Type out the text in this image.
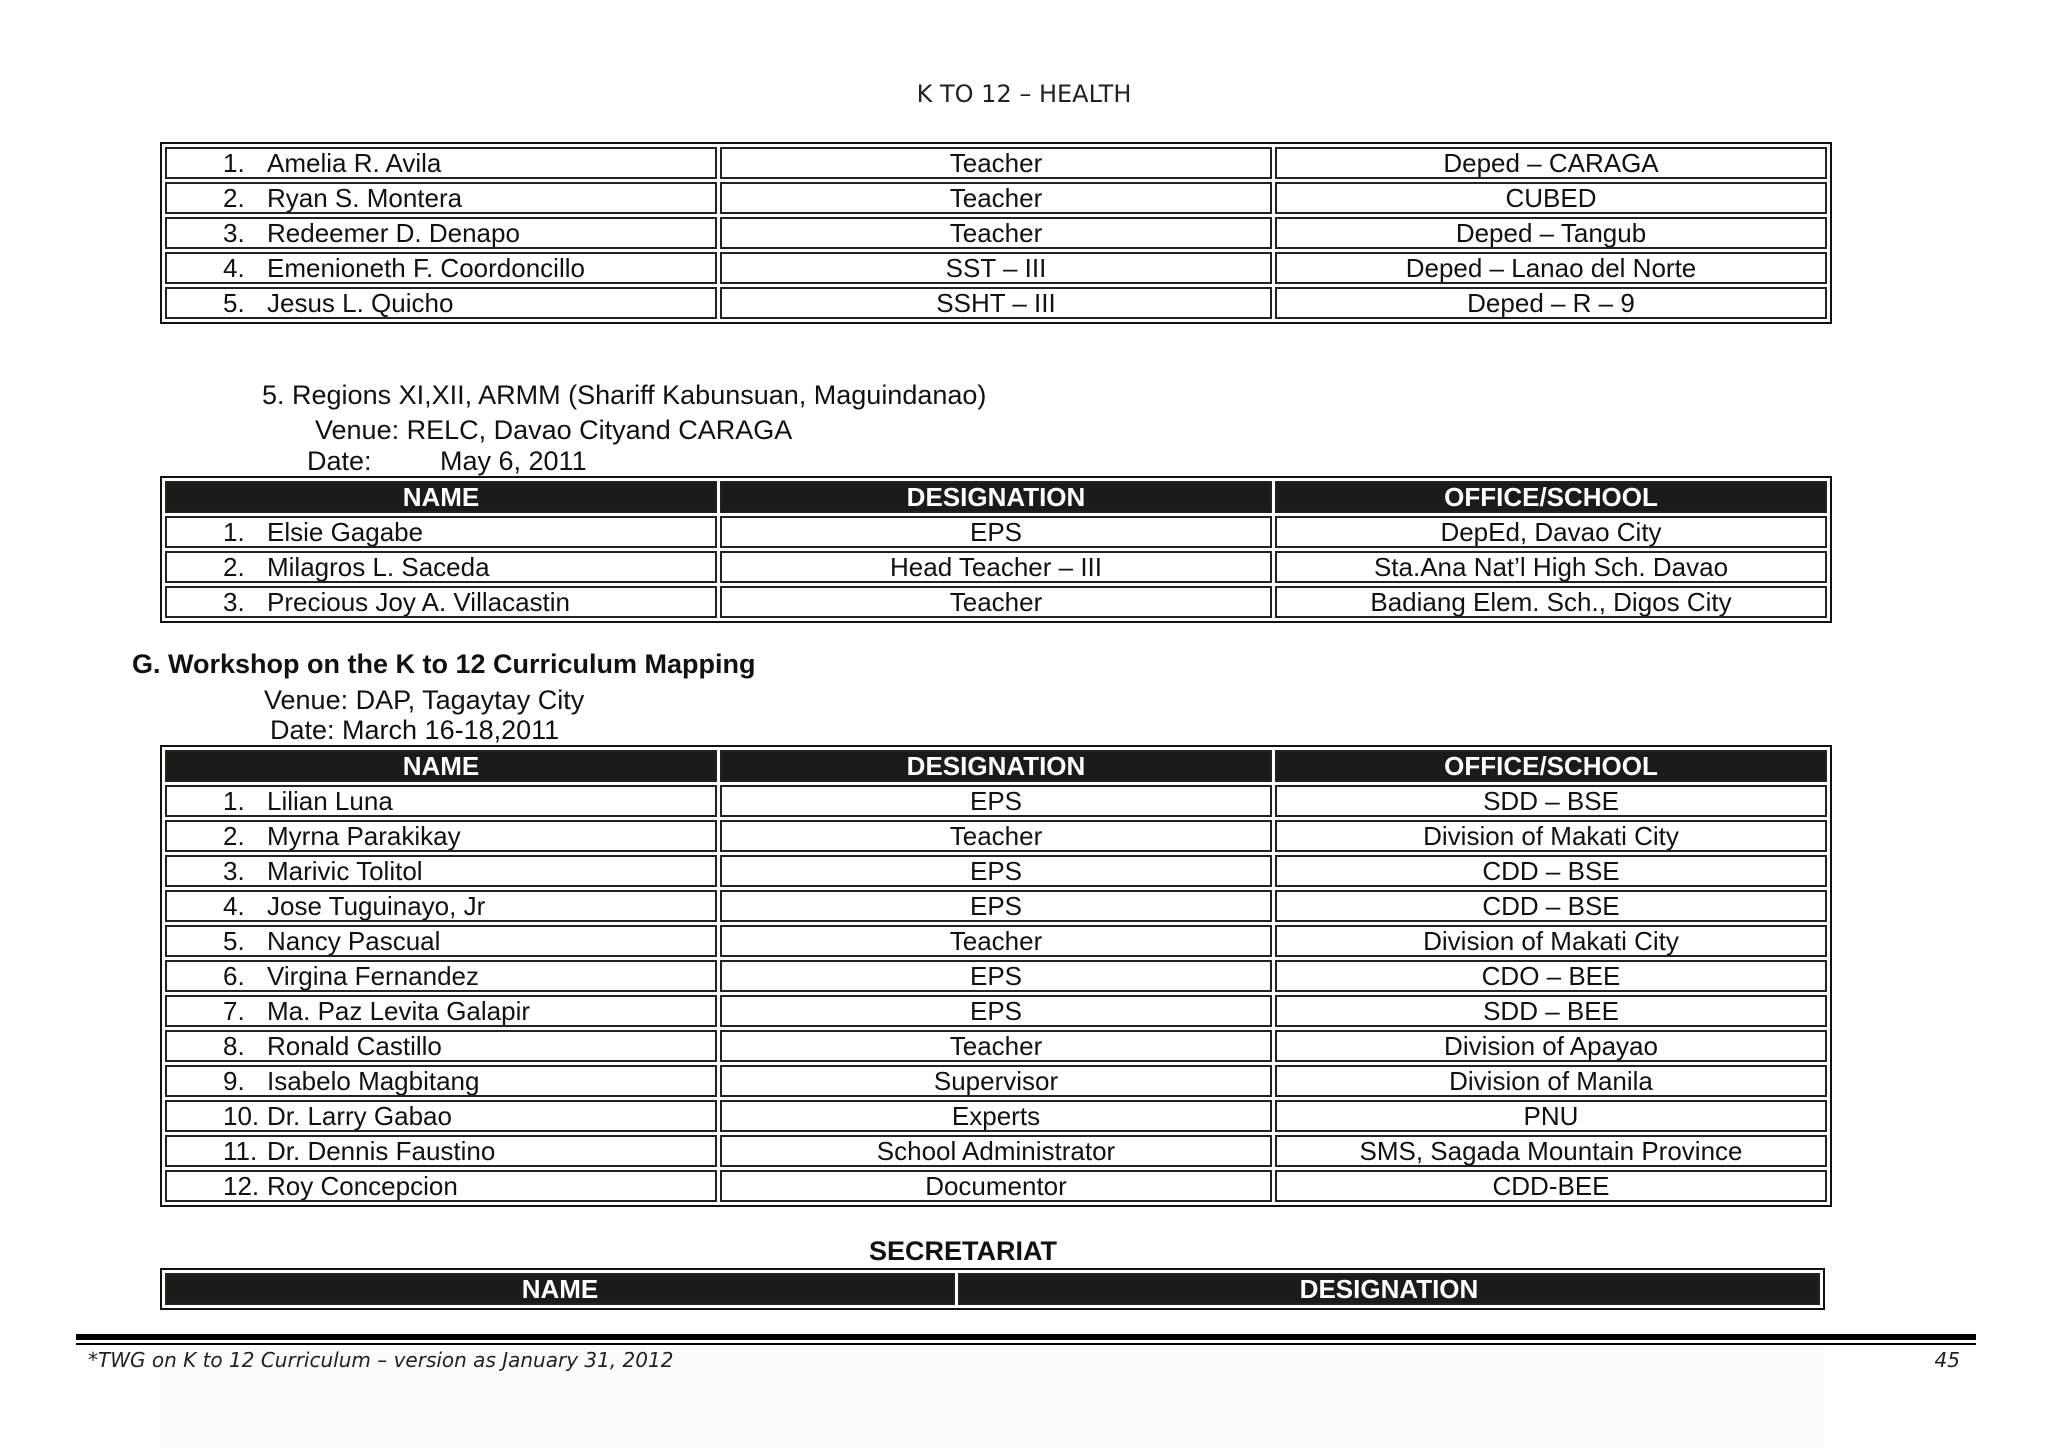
K TO 12 – HEALTH
1. Amelia R. Avila	Teacher	Deped – CARAGA
2. Ryan S. Montera	Teacher	CUBED
3. Redeemer D. Denapo	Teacher	Deped – Tangub
4. Emenioneth F. Coordoncillo	SST – III	Deped – Lanao del Norte
5. Jesus L. Quicho	SSHT – III	Deped – R – 9
5. Regions XI,XII, ARMM (Shariff Kabunsuan, Maguindanao)
Venue: RELC, Davao Cityand CARAGA
Date:	May 6, 2011
NAME	DESIGNATION	OFFICE/SCHOOL
1. Elsie Gagabe	EPS	DepEd, Davao City
2. Milagros L. Saceda	Head Teacher – III	Sta.Ana Nat’l High Sch. Davao
3. Precious Joy A. Villacastin	Teacher	Badiang Elem. Sch., Digos City
G. Workshop on the K to 12 Curriculum Mapping
Venue: DAP, Tagaytay City
Date: March 16-18,2011
NAME	DESIGNATION	OFFICE/SCHOOL
1. Lilian Luna	EPS	SDD – BSE
2. Myrna Parakikay	Teacher	Division of Makati City
3. Marivic Tolitol	EPS	CDD – BSE
4. Jose Tuguinayo, Jr	EPS	CDD – BSE
5. Nancy Pascual	Teacher	Division of Makati City
6. Virgina Fernandez	EPS	CDO – BEE
7. Ma. Paz Levita Galapir	EPS	SDD – BEE
8. Ronald Castillo	Teacher	Division of Apayao
9. Isabelo Magbitang	Supervisor	Division of Manila
10. Dr. Larry Gabao	Experts	PNU
11. Dr. Dennis Faustino	School Administrator	SMS, Sagada Mountain Province
12. Roy Concepcion	Documentor	CDD-BEE
SECRETARIAT
NAME	DESIGNATION
*TWG on K to 12 Curriculum – version as January 31, 2012	45
